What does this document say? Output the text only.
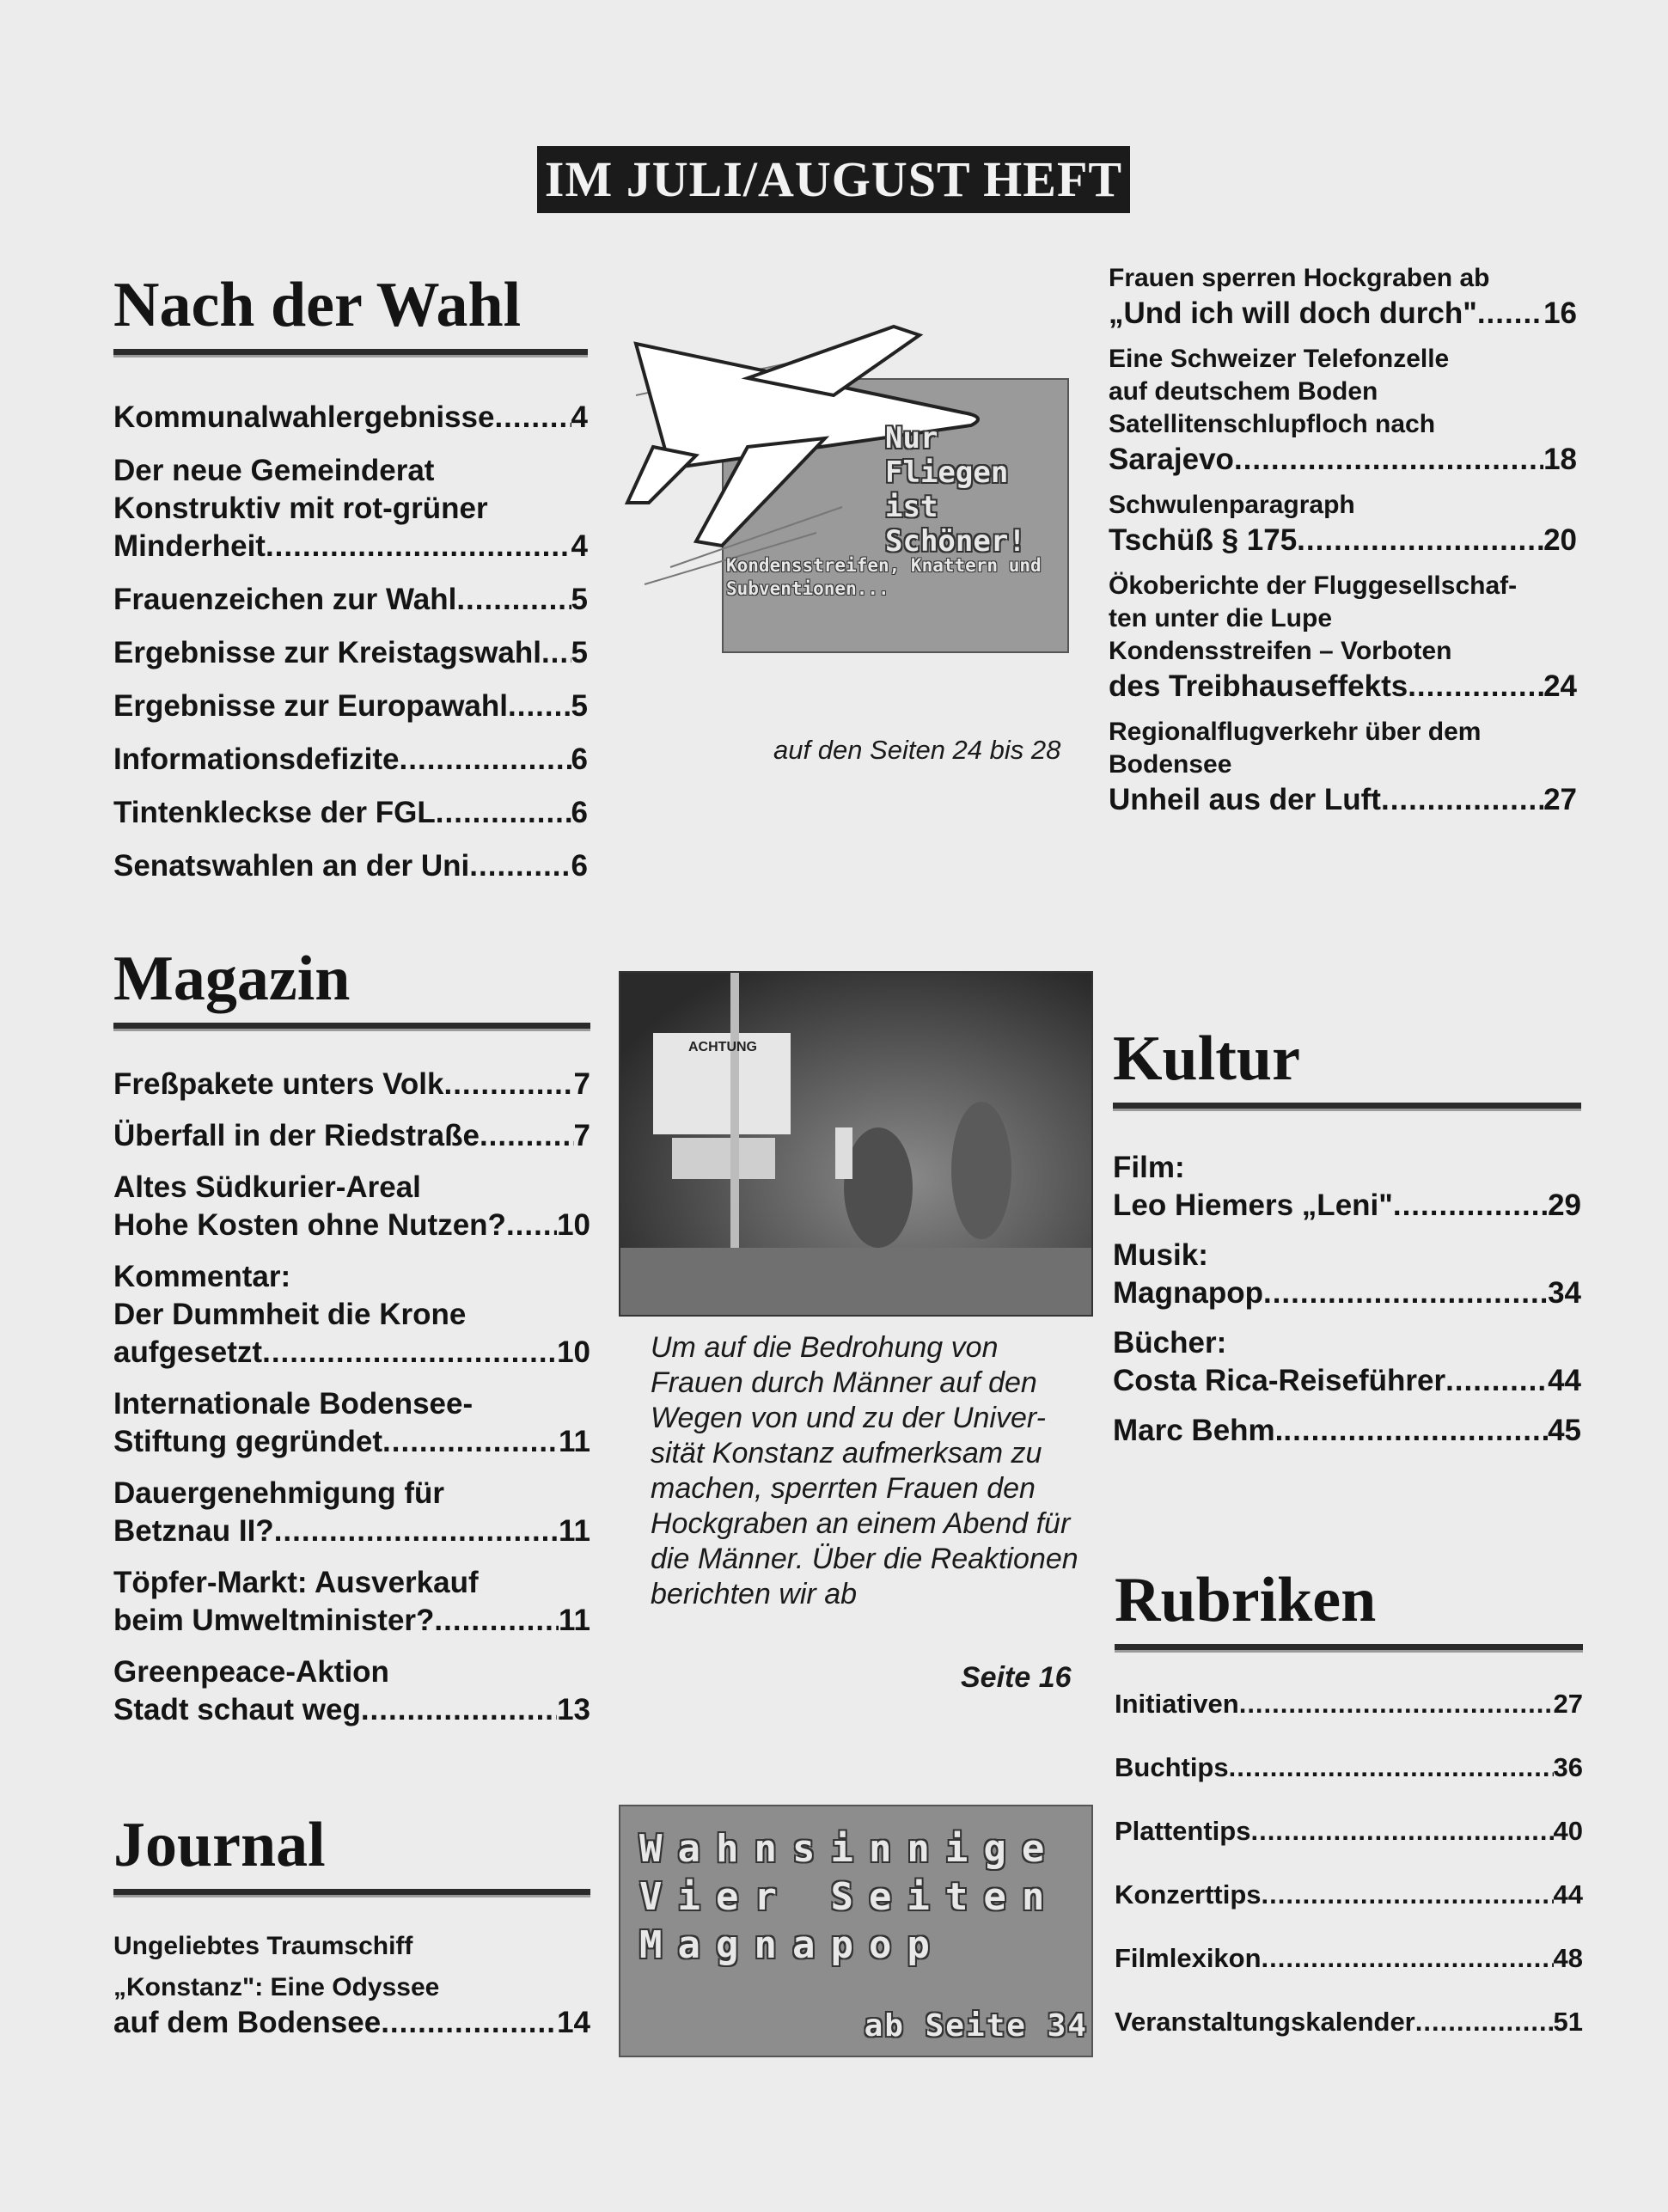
IM JULI/AUGUST HEFT
Nach der Wahl
Kommunalwahlergebnisse .....	4
Der neue Gemeinderat
Konstruktiv mit rot-grüner
Minderheit .....	4
Frauenzeichen zur Wahl .....	5
Ergebnisse zur Kreistagswahl ..... 5
Ergebnisse zur Europawahl ..... 5
Informationsdefizite .....	6
Tintenkleckse der FGL .....	6
Senatswahlen an der Uni .....	6
Magazin
Freßpakete unters Volk .....	7
Überfall in der Riedstraße .....	7
Altes Südkurier-Areal
Hohe Kosten ohne Nutzen? ..... 10
Kommentar:
Der Dummheit die Krone
aufgesetzt .....	10
Internationale Bodensee-
Stiftung gegründet .....	11
Dauergenehmigung für
Betznau II? .....	11
Töpfer-Markt: Ausverkauf
beim Umweltminister? .....	11
Greenpeace-Aktion
Stadt schaut weg .....	13
Journal
Ungeliebtes Traumschiff
„Konstanz": Eine Odyssee
auf dem Bodensee .....	14
Nur Fliegen
ist
Schöner!
Kondensstreifen, Knattern und Subventionen...
auf den Seiten 24 bis 28
ACHTUNG
Um auf die Bedrohung von Frauen durch Männer auf den Wegen von und zu der Univer-sität Konstanz aufmerksam zu machen, sperrten Frauen den Hockgraben an einem Abend für die Männer. Über die Reaktionen berichten wir ab
Seite 16
Wahnsinnige
Vier Seiten
Magnapop
ab Seite 34
Frauen sperren Hockgraben ab
„Und ich will doch durch" ..... 16
Eine Schweizer Telefonzelle
auf deutschem Boden
Satellitenschlupfloch nach
Sarajevo .....	18
Schwulenparagraph
Tschüß § 175 .....	20
Ökoberichte der Fluggesellschaf-
ten unter die Lupe
Kondensstreifen – Vorboten
des Treibhauseffekts .....	24
Regionalflugverkehr über dem
Bodensee
Unheil aus der Luft .....	27
Kultur
Film:
Leo Hiemers „Leni" .....	29
Musik:
Magnapop .....	34
Bücher:
Costa Rica-Reiseführer .....	44
Marc Behm. .....	45
Rubriken
Initiativen .....	27
Buchtips .....	36
Plattentips .....	40
Konzerttips .....	44
Filmlexikon .....	48
Veranstaltungskalender .....	51
